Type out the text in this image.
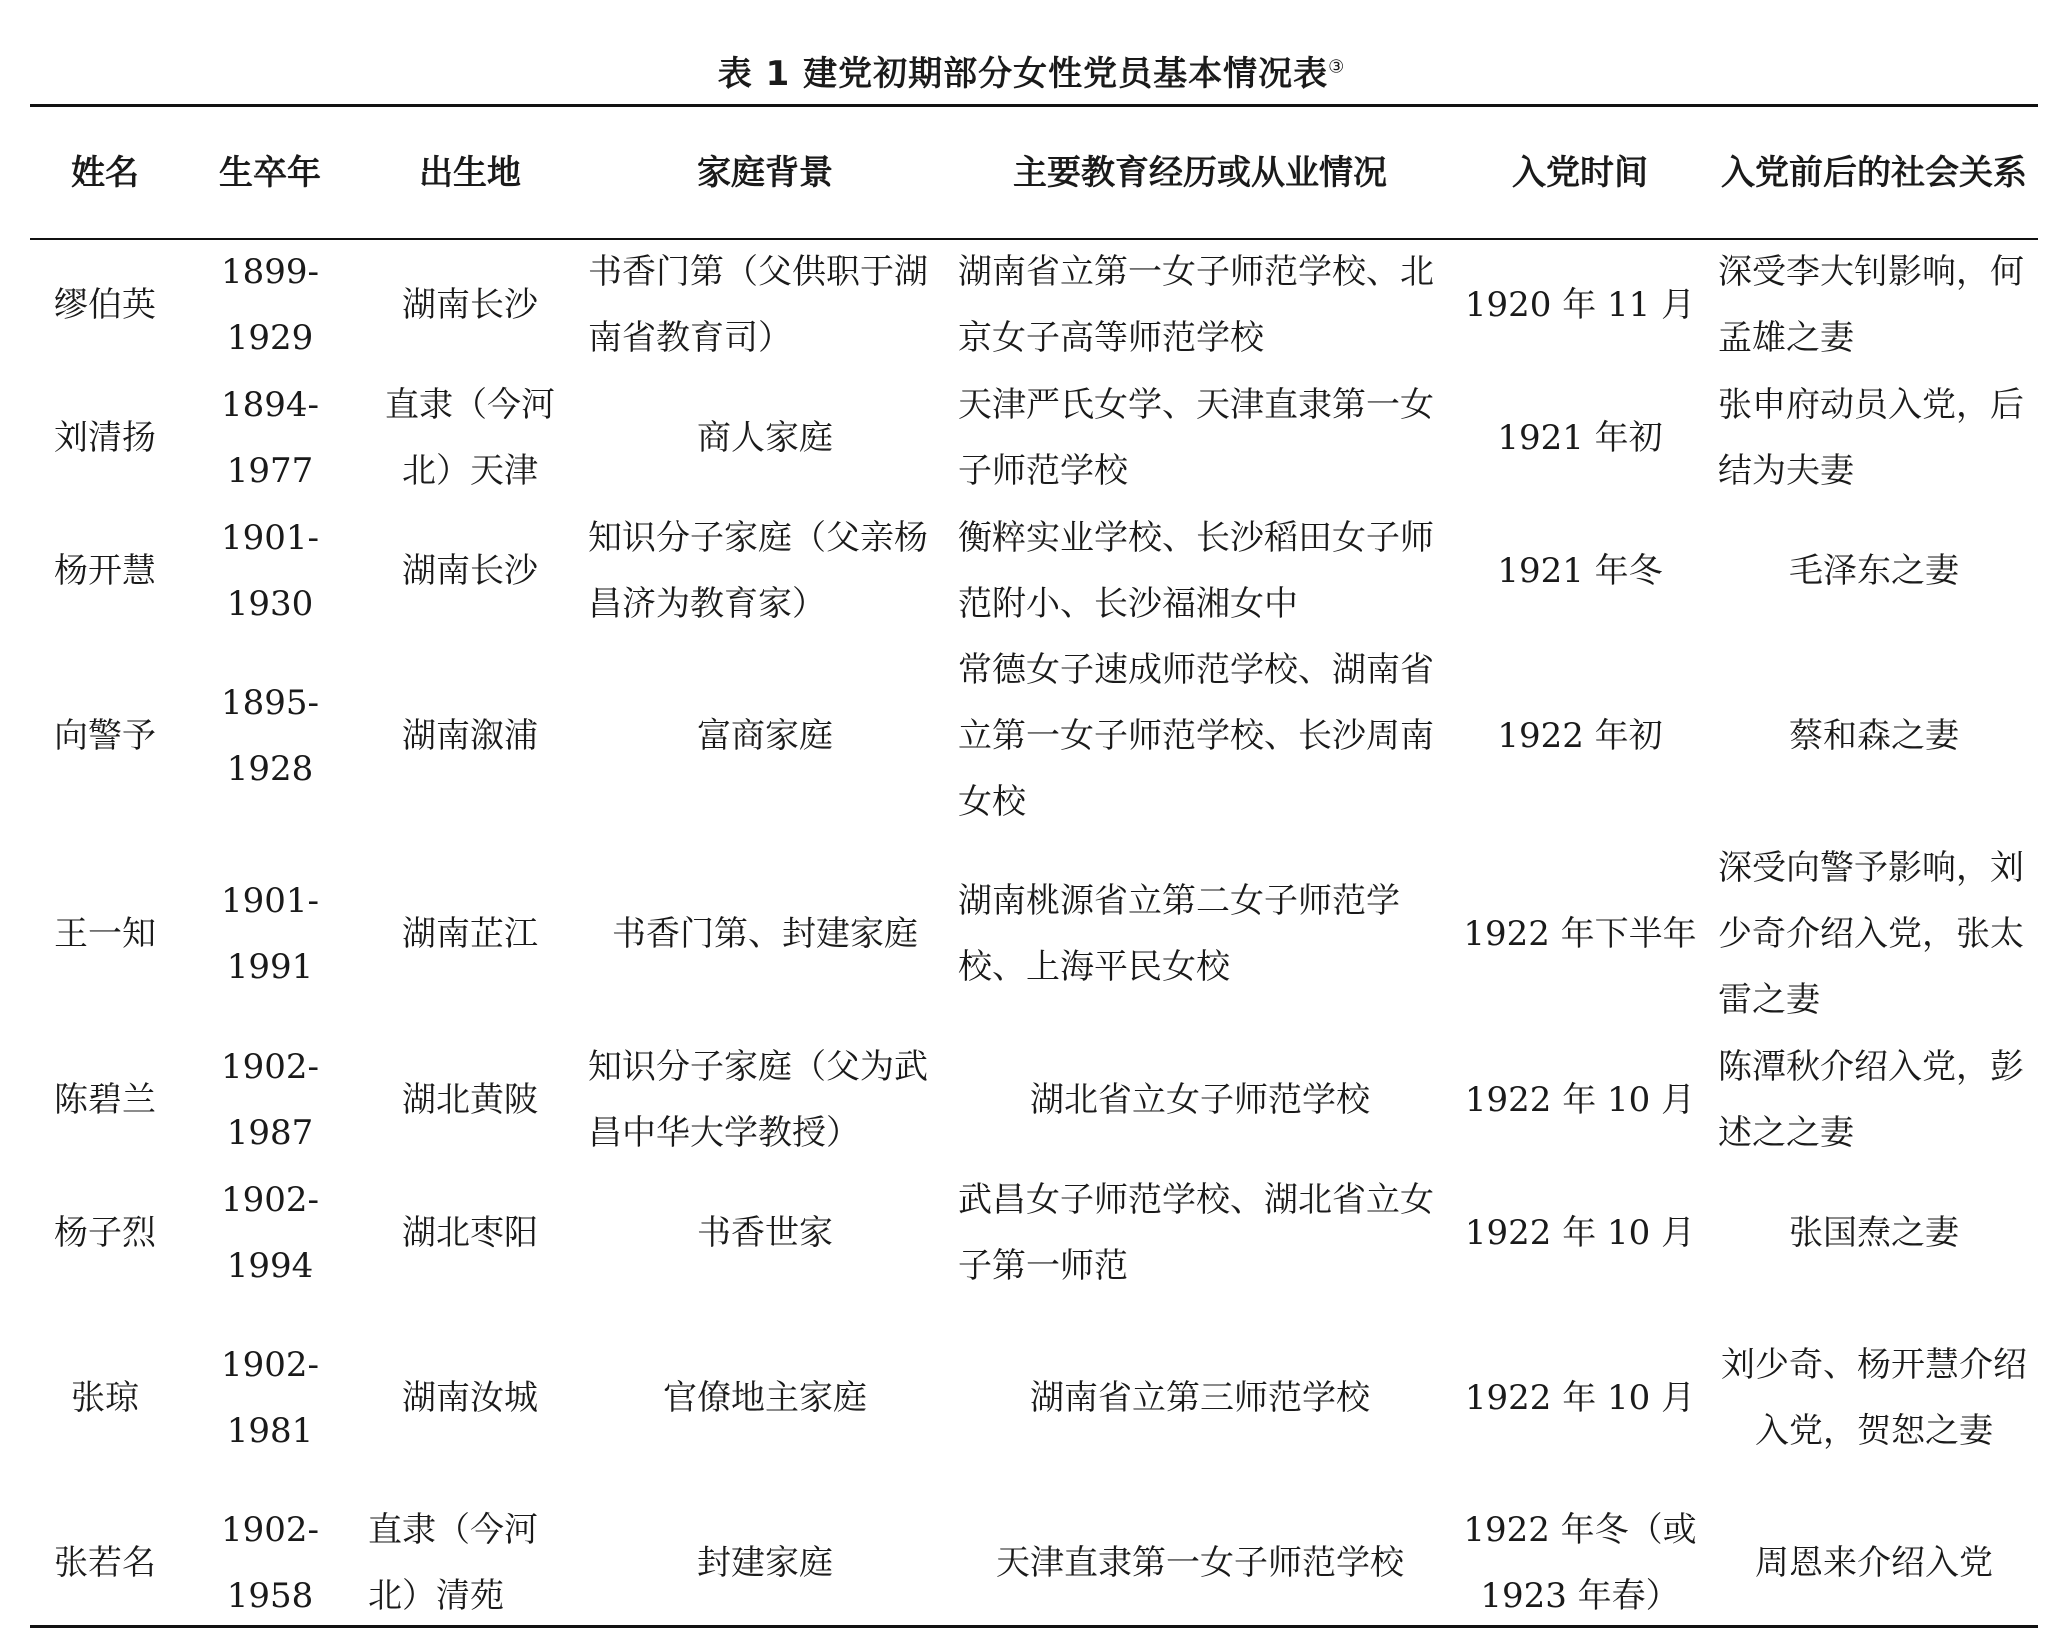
表 1 建党初期部分女性党员基本情况表③
姓名	生卒年	出生地	家庭背景	主要教育经历或从业情况	入党时间	入党前后的社会关系
缪伯英	1899-1929	湖南长沙	书香门第（父供职于湖南省教育司）	湖南省立第一女子师范学校、北京女子高等师范学校	1920 年 11 月	深受李大钊影响，何孟雄之妻
刘清扬	1894-1977	直隶（今河北）天津	商人家庭	天津严氏女学、天津直隶第一女子师范学校	1921 年初	张申府动员入党，后结为夫妻
杨开慧	1901-1930	湖南长沙	知识分子家庭（父亲杨昌济为教育家）	衡粹实业学校、长沙稻田女子师范附小、长沙福湘女中	1921 年冬	毛泽东之妻
向警予	1895-1928	湖南溆浦	富商家庭	常德女子速成师范学校、湖南省立第一女子师范学校、长沙周南女校	1922 年初	蔡和森之妻
王一知	1901-1991	湖南芷江	书香门第、封建家庭	湖南桃源省立第二女子师范学校、上海平民女校	1922 年下半年	深受向警予影响，刘少奇介绍入党，张太雷之妻
陈碧兰	1902-1987	湖北黄陂	知识分子家庭（父为武昌中华大学教授）	湖北省立女子师范学校	1922 年 10 月	陈潭秋介绍入党，彭述之之妻
杨子烈	1902-1994	湖北枣阳	书香世家	武昌女子师范学校、湖北省立女子第一师范	1922 年 10 月	张国焘之妻
张琼	1902-1981	湖南汝城	官僚地主家庭	湖南省立第三师范学校	1922 年 10 月	刘少奇、杨开慧介绍入党，贺恕之妻
张若名	1902-1958	直隶（今河北）清苑	封建家庭	天津直隶第一女子师范学校	1922 年冬（或1923 年春）	周恩来介绍入党
